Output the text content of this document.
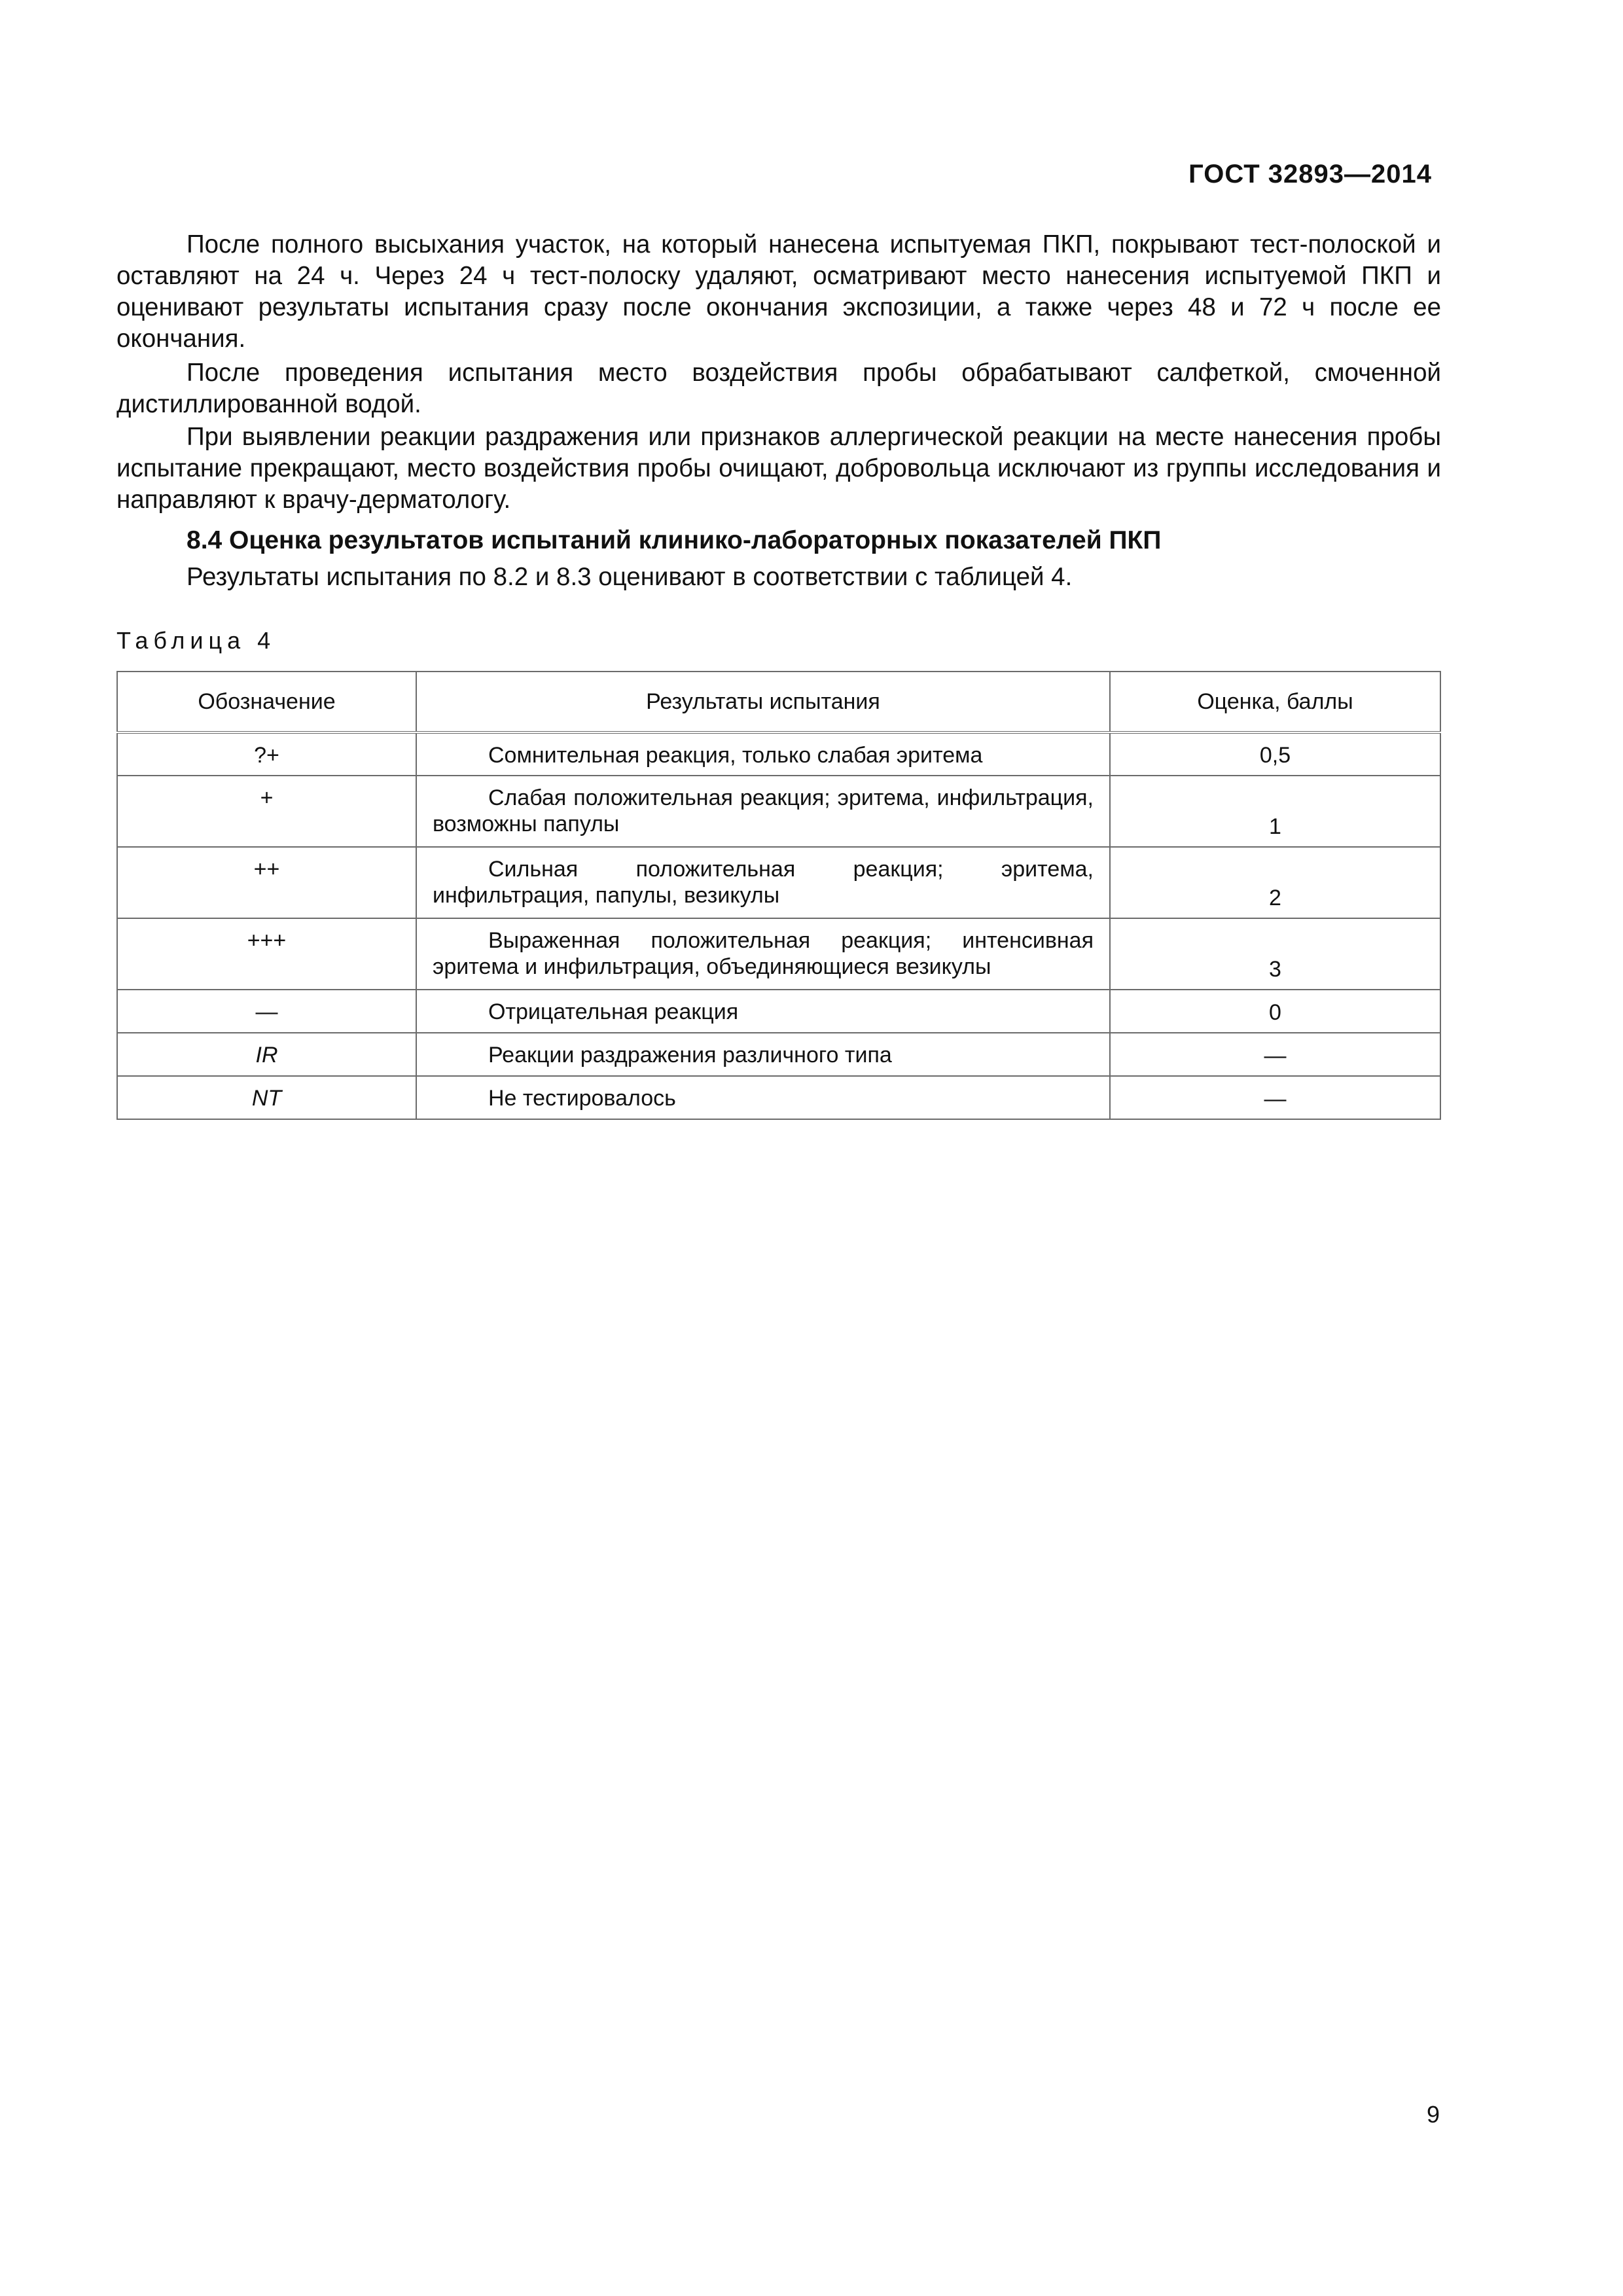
ГОСТ 32893—2014

После полного высыхания участок, на который нанесена испытуемая ПКП, покрывают тест-полоской и оставляют на 24 ч. Через 24 ч тест-полоску удаляют, осматривают место нанесения испытуемой ПКП и оценивают результаты испытания сразу после окончания экспозиции, а также через 48 и 72 ч после ее окончания.

После проведения испытания место воздействия пробы обрабатывают салфеткой, смоченной дистиллированной водой.

При выявлении реакции раздражения или признаков аллергической реакции на месте нанесения пробы испытание прекращают, место воздействия пробы очищают, добровольца исключают из группы исследования и направляют к врачу-дерматологу.

8.4 Оценка результатов испытаний клинико-лабораторных показателей ПКП
Результаты испытания по 8.2 и 8.3 оценивают в соответствии с таблицей 4.
Таблица 4
Обозначение	Результаты испытания	Оценка, баллы

?+	Сомнительная реакция, только слабая эритема	0,5

+	Слабая положительная реакция; эритема, инфильтрация, возможны папулы	1

++	Сильная положительная реакция; эритема, инфильтрация, папулы, везикулы	2

+++	Выраженная положительная реакция; интенсивная эритема и инфильтрация, объединяющиеся везикулы	3

—	Отрицательная реакция	0

IR	Реакции раздражения различного типа	—

NT	Не тестировалось	—
9
